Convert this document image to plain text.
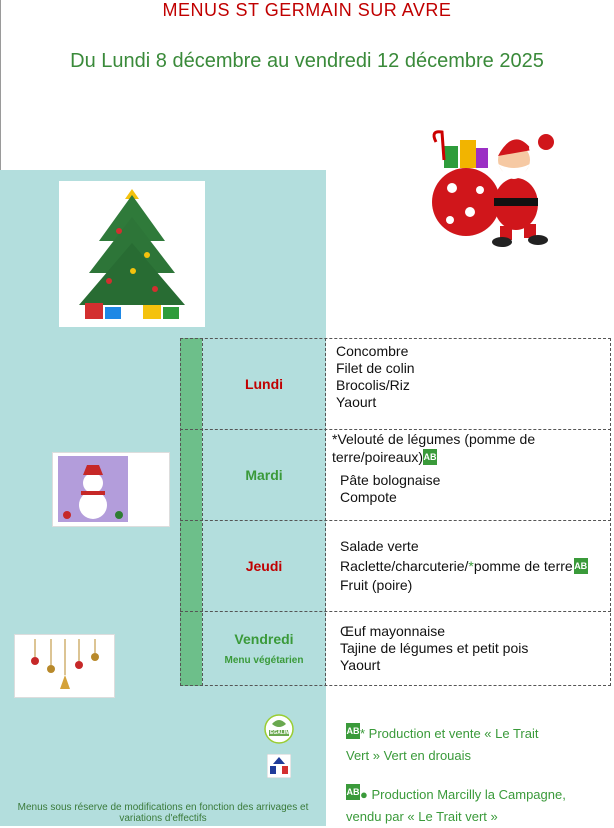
MENUS ST GERMAIN SUR AVRE
Du Lundi 8 décembre au vendredi 12 décembre 2025
Lundi
Mardi
Jeudi
Vendredi
Menu végétarien
Concombre
Filet de colin
Brocolis/Riz
Yaourt
*Velouté de légumes (pomme de
terre/poireaux)AB
Pâte bolognaise
Compote
Salade verte
Raclette/charcuterie/*pomme de terre AB
Fruit (poire)
Œuf mayonnaise
Tajine de légumes et petit pois
Yaourt
EGALIM
Menus sous réserve de modifications en fonction des arrivages et variations d'effectifs
AB* Production et vente « Le Trait
Vert » Vert en drouais
AB● Production Marcilly la Campagne,
vendu par « Le Trait vert »
